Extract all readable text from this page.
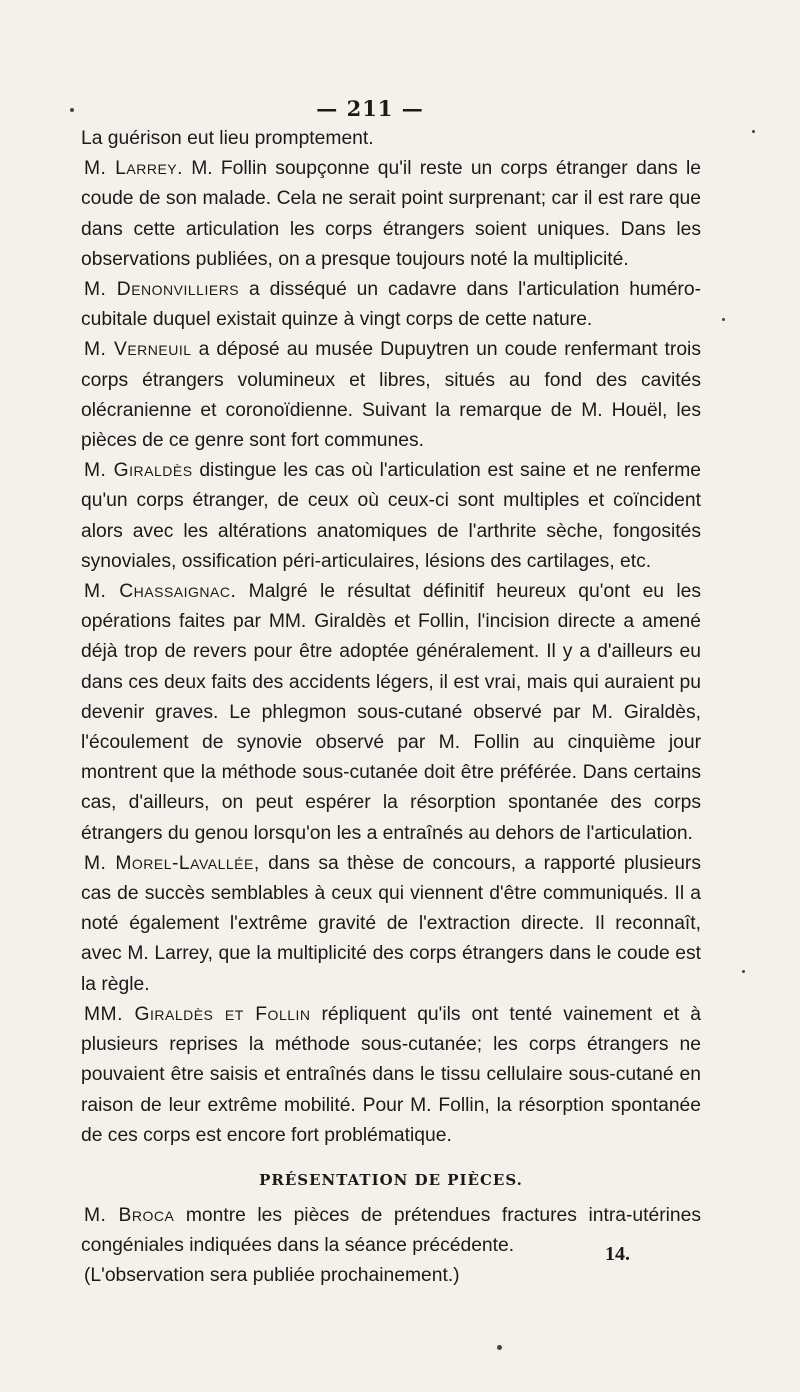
— 211 —

La guérison eut lieu promptement.

M. Larrey. M. Follin soupçonne qu'il reste un corps étranger dans le coude de son malade. Cela ne serait point surprenant; car il est rare que dans cette articulation les corps étrangers soient uniques. Dans les observations publiées, on a presque toujours noté la multiplicité.

M. Denonvilliers a disséqué un cadavre dans l'articulation huméro-cubitale duquel existait quinze à vingt corps de cette nature.

M. Verneuil a déposé au musée Dupuytren un coude renfermant trois corps étrangers volumineux et libres, situés au fond des cavités olécranienne et coronoïdienne. Suivant la remarque de M. Houël, les pièces de ce genre sont fort communes.

M. Giraldès distingue les cas où l'articulation est saine et ne renferme qu'un corps étranger, de ceux où ceux-ci sont multiples et coïncident alors avec les altérations anatomiques de l'arthrite sèche, fongosités synoviales, ossification péri-articulaires, lésions des cartilages, etc.

M. Chassaignac. Malgré le résultat définitif heureux qu'ont eu les opérations faites par MM. Giraldès et Follin, l'incision directe a amené déjà trop de revers pour être adoptée généralement. Il y a d'ailleurs eu dans ces deux faits des accidents légers, il est vrai, mais qui auraient pu devenir graves. Le phlegmon sous-cutané observé par M. Giraldès, l'écoulement de synovie observé par M. Follin au cinquième jour montrent que la méthode sous-cutanée doit être préférée. Dans certains cas, d'ailleurs, on peut espérer la résorption spontanée des corps étrangers du genou lorsqu'on les a entraînés au dehors de l'articulation.

M. Morel-Lavallée, dans sa thèse de concours, a rapporté plusieurs cas de succès semblables à ceux qui viennent d'être communiqués. Il a noté également l'extrême gravité de l'extraction directe. Il reconnaît, avec M. Larrey, que la multiplicité des corps étrangers dans le coude est la règle.

MM. Giraldès et Follin répliquent qu'ils ont tenté vainement et à plusieurs reprises la méthode sous-cutanée; les corps étrangers ne pouvaient être saisis et entraînés dans le tissu cellulaire sous-cutané en raison de leur extrême mobilité. Pour M. Follin, la résorption spontanée de ces corps est encore fort problématique.

PRÉSENTATION DE PIÈCES.

M. Broca montre les pièces de prétendues fractures intra-utérines congéniales indiquées dans la séance précédente.

(L'observation sera publiée prochainement.)

14.
